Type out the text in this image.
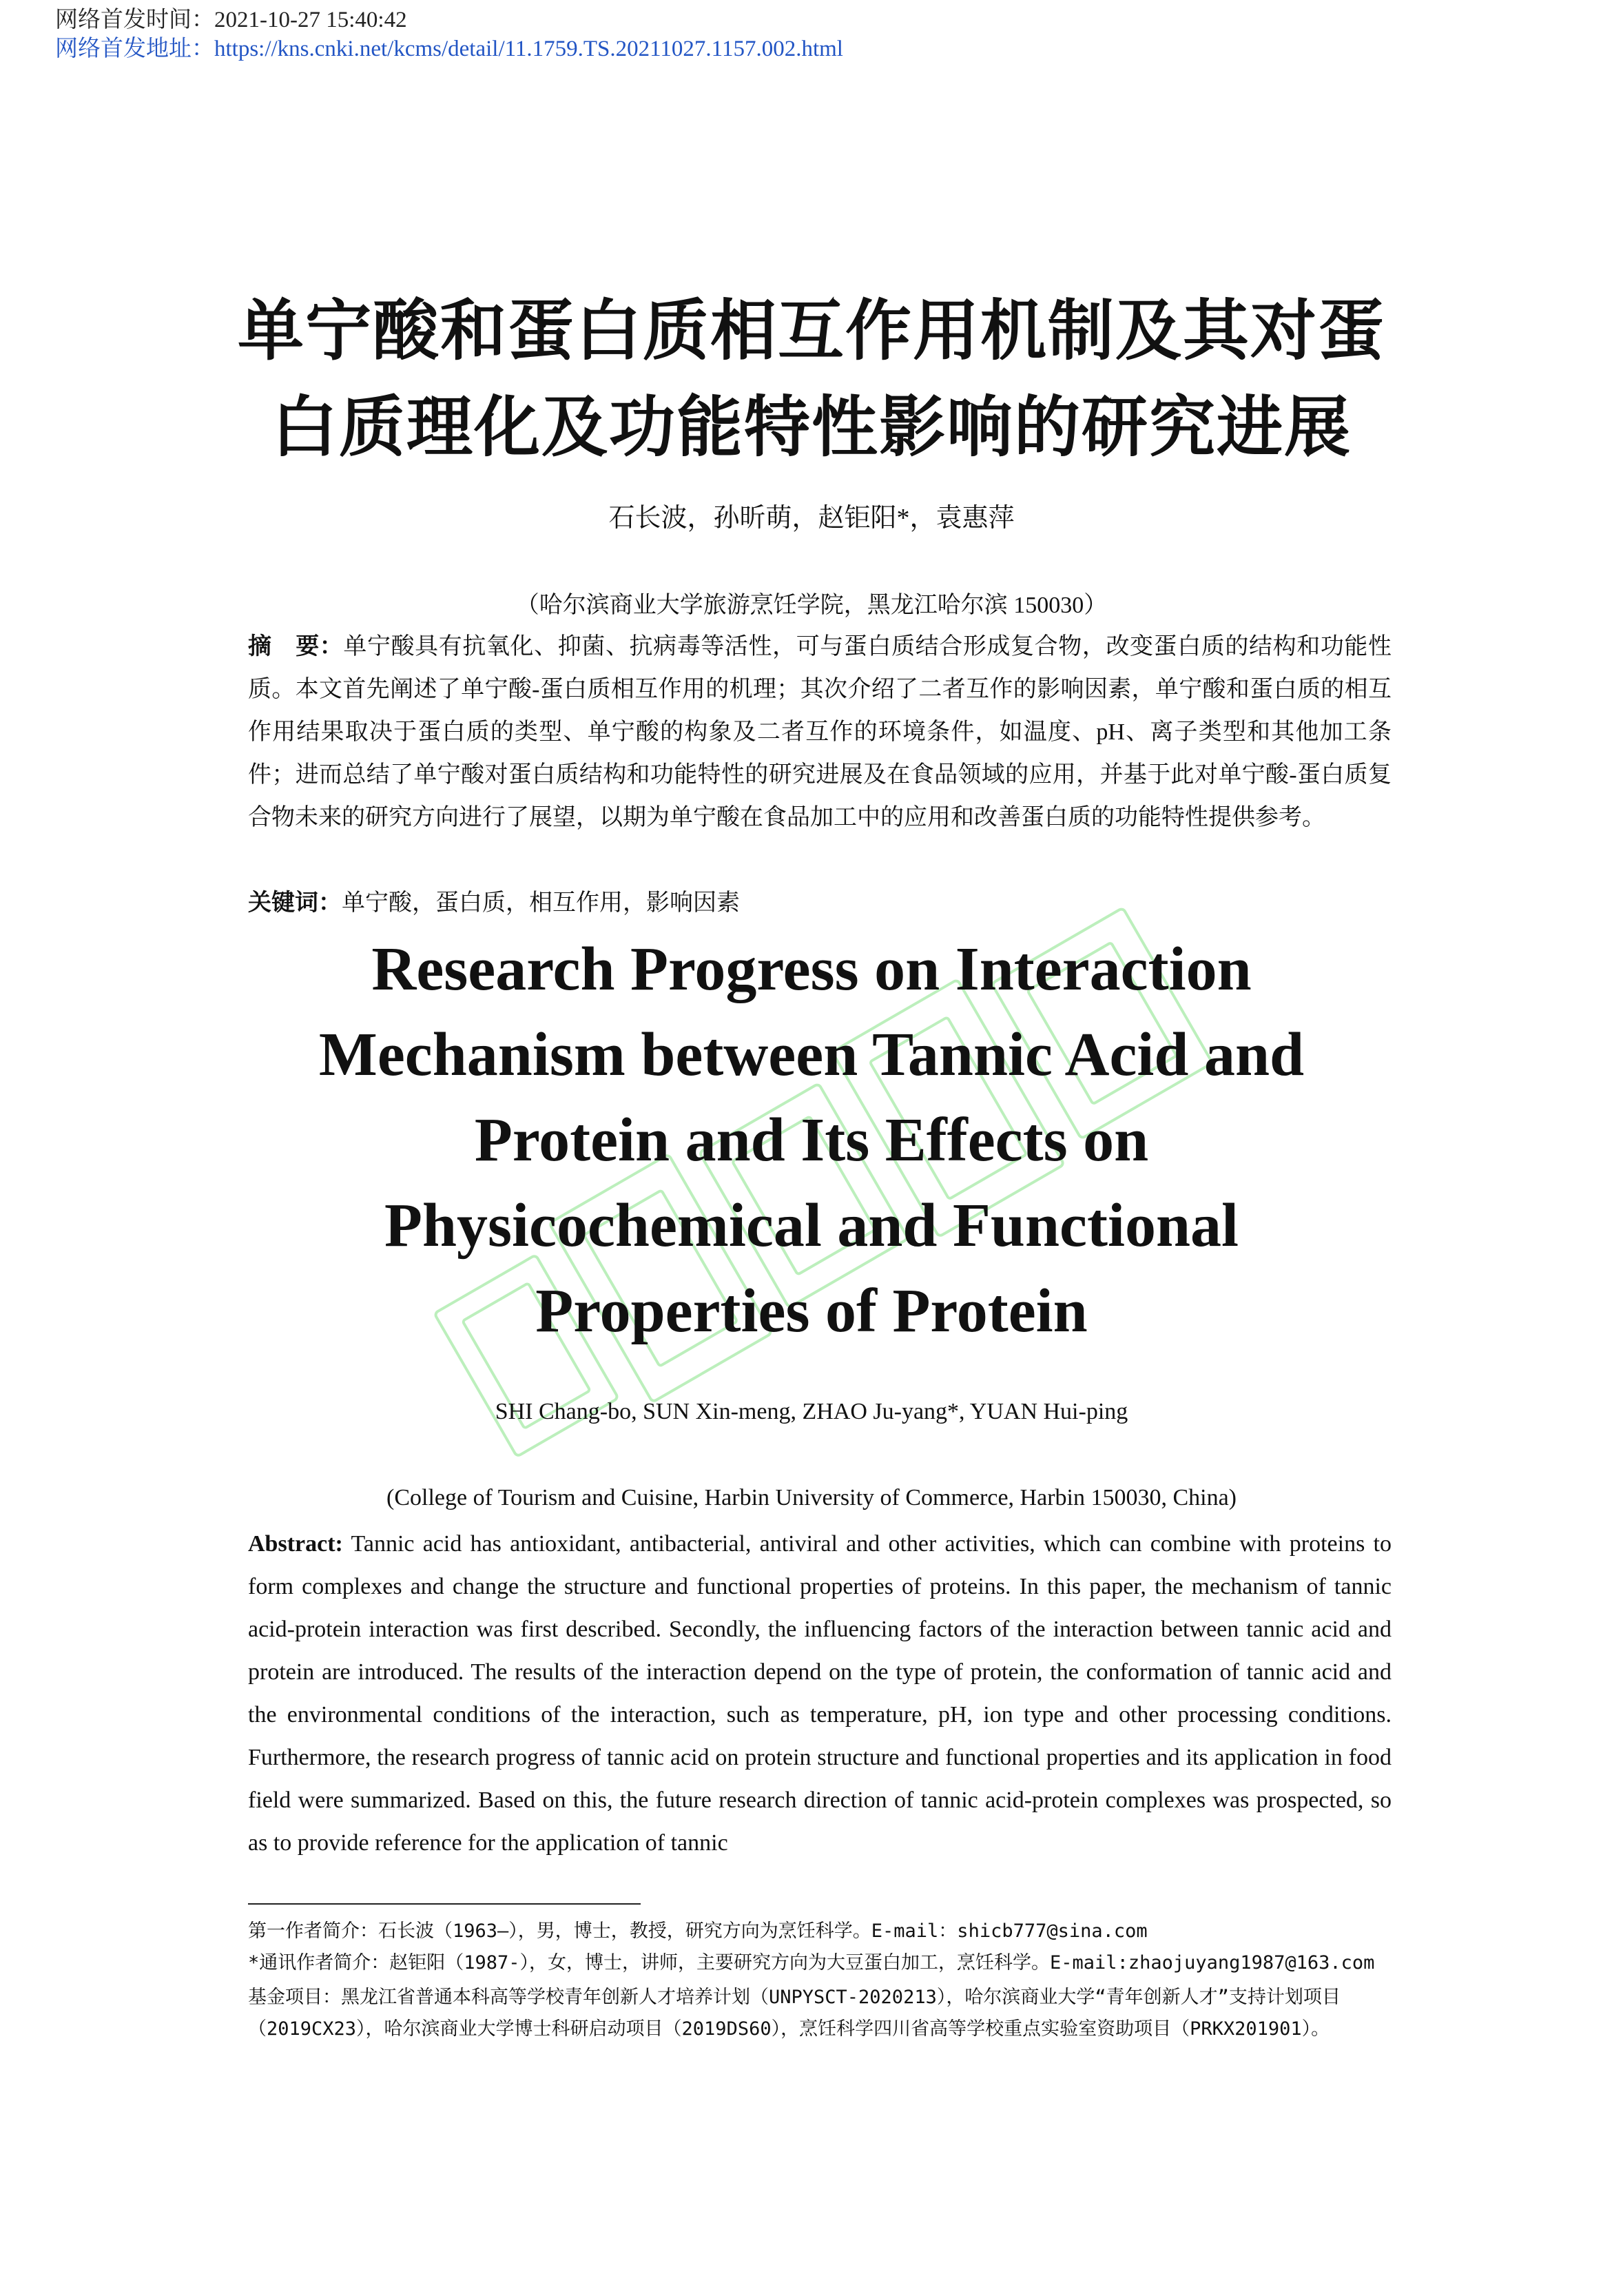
网络首发时间：2021-10-27 15:40:42
网络首发地址：https://kns.cnki.net/kcms/detail/11.1759.TS.20211027.1157.002.html
单宁酸和蛋白质相互作用机制及其对蛋
白质理化及功能特性影响的研究进展
石长波，孙昕萌，赵钜阳*，袁惠萍
（哈尔滨商业大学旅游烹饪学院，黑龙江哈尔滨 150030）
摘　要：单宁酸具有抗氧化、抑菌、抗病毒等活性，可与蛋白质结合形成复合物，改变蛋白质的结构和功能性质。本文首先阐述了单宁酸-蛋白质相互作用的机理；其次介绍了二者互作的影响因素，单宁酸和蛋白质的相互作用结果取决于蛋白质的类型、单宁酸的构象及二者互作的环境条件，如温度、pH、离子类型和其他加工条件；进而总结了单宁酸对蛋白质结构和功能特性的研究进展及在食品领域的应用，并基于此对单宁酸-蛋白质复合物未来的研究方向进行了展望，以期为单宁酸在食品加工中的应用和改善蛋白质的功能特性提供参考。
关键词：单宁酸，蛋白质，相互作用，影响因素
Research Progress on Interaction
Mechanism between Tannic Acid and
Protein and Its Effects on
Physicochemical and Functional
Properties of Protein
SHI Chang-bo, SUN Xin-meng, ZHAO Ju-yang*, YUAN Hui-ping
(College of Tourism and Cuisine, Harbin University of Commerce, Harbin 150030, China)
Abstract: Tannic acid has antioxidant, antibacterial, antiviral and other activities, which can combine with proteins to form complexes and change the structure and functional properties of proteins. In this paper, the mechanism of tannic acid-protein interaction was first described. Secondly, the influencing factors of the interaction between tannic acid and protein are introduced. The results of the interaction depend on the type of protein, the conformation of tannic acid and the environmental conditions of the interaction, such as temperature, pH, ion type and other processing conditions. Furthermore, the research progress of tannic acid on protein structure and functional properties and its application in food field were summarized. Based on this, the future research direction of tannic acid-protein complexes was prospected, so as to provide reference for the application of tannic

第一作者简介：石长波（1963—），男，博士，教授，研究方向为烹饪科学。E-mail：shicb777@sina.com

*通讯作者简介：赵钜阳（1987-），女，博士，讲师，主要研究方向为大豆蛋白加工，烹饪科学。E-mail:zhaojuyang1987@163.com

基金项目：黑龙江省普通本科高等学校青年创新人才培养计划（UNPYSCT-2020213），哈尔滨商业大学“青年创新人才”支持计划项目（2019CX23），哈尔滨商业大学博士科研启动项目（2019DS60），烹饪科学四川省高等学校重点实验室资助项目（PRKX201901）。
